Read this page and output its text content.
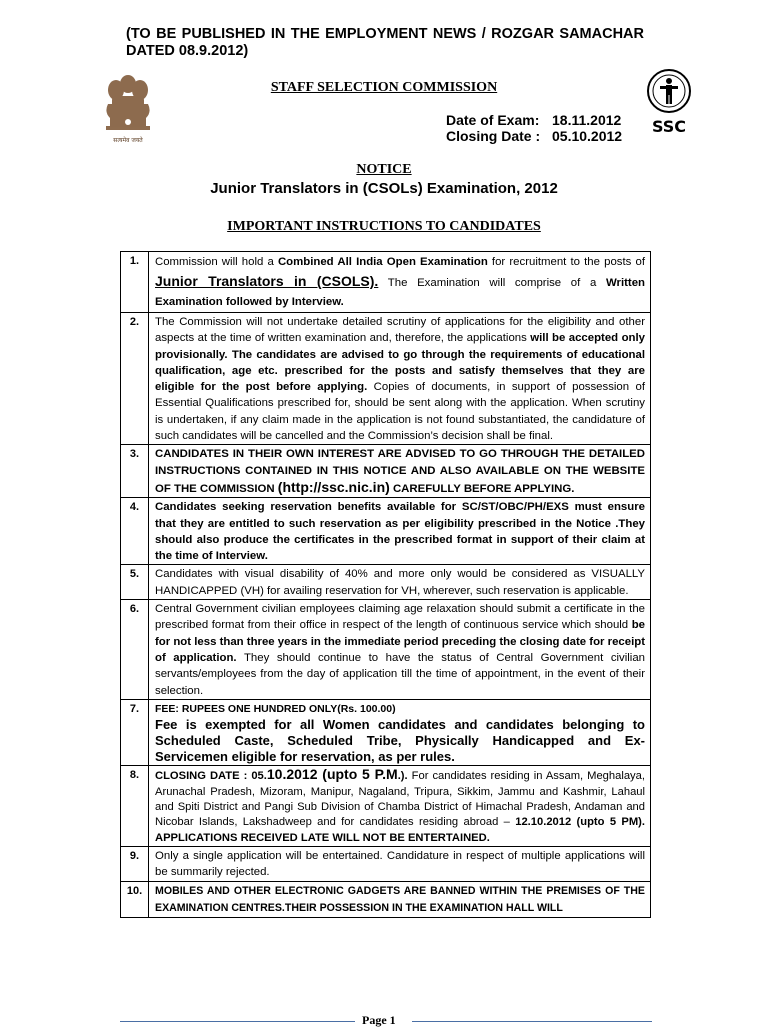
(TO BE PUBLISHED IN THE EMPLOYMENT NEWS / ROZGAR SAMACHAR DATED 08.9.2012)
सत्यमेव जयते
STAFF SELECTION COMMISSION
SSC
Date of Exam: 18.11.2012
Closing Date : 05.10.2012
NOTICE
Junior Translators in (CSOLs) Examination, 2012
IMPORTANT INSTRUCTIONS TO CANDIDATES
1.	Commission will hold a Combined All India Open Examination for recruitment to the posts of Junior Translators in (CSOLS). The Examination will comprise of a Written Examination followed by Interview.
2.	The Commission will not undertake detailed scrutiny of applications for the eligibility and other aspects at the time of written examination and, therefore, the applications will be accepted only provisionally. The candidates are advised to go through the requirements of educational qualification, age etc. prescribed for the posts and satisfy themselves that they are eligible for the post before applying. Copies of documents, in support of possession of Essential Qualifications prescribed for, should be sent along with the application. When scrutiny is undertaken, if any claim made in the application is not found substantiated, the candidature of such candidates will be cancelled and the Commission’s decision shall be final.
3.	CANDIDATES IN THEIR OWN INTEREST ARE ADVISED TO GO THROUGH THE DETAILED INSTRUCTIONS CONTAINED IN THIS NOTICE AND ALSO AVAILABLE ON THE WEBSITE OF THE COMMISSION (http://ssc.nic.in) CAREFULLY BEFORE APPLYING.
4.	Candidates seeking reservation benefits available for SC/ST/OBC/PH/EXS must ensure that they are entitled to such reservation as per eligibility prescribed in the Notice .They should also produce the certificates in the prescribed format in support of their claim at the time of Interview.
5.	Candidates with visual disability of 40% and more only would be considered as VISUALLY HANDICAPPED (VH) for availing reservation for VH, wherever, such reservation is applicable.
6.	Central Government civilian employees claiming age relaxation should submit a certificate in the prescribed format from their office in respect of the length of continuous service which should be for not less than three years in the immediate period preceding the closing date for receipt of application. They should continue to have the status of Central Government civilian servants/employees from the day of application till the time of appointment, in the event of their selection.
7.	FEE: RUPEES ONE HUNDRED ONLY(Rs. 100.00)
Fee is exempted for all Women candidates and candidates belonging to Scheduled Caste, Scheduled Tribe, Physically Handicapped and Ex-Servicemen eligible for reservation, as per rules.

8.	CLOSING DATE : 05.10.2012 (upto 5 P.M.). For candidates residing in Assam, Meghalaya, Arunachal Pradesh, Mizoram, Manipur, Nagaland, Tripura, Sikkim, Jammu and Kashmir, Lahaul and Spiti District and Pangi Sub Division of Chamba District of Himachal Pradesh, Andaman and Nicobar Islands, Lakshadweep and for candidates residing abroad – 12.10.2012 (upto 5 PM). APPLICATIONS RECEIVED LATE WILL NOT BE ENTERTAINED.
9.	Only a single application will be entertained. Candidature in respect of multiple applications will be summarily rejected.
10.	MOBILES AND OTHER ELECTRONIC GADGETS ARE BANNED WITHIN THE PREMISES OF THE EXAMINATION CENTRES.THEIR POSSESSION IN THE EXAMINATION HALL WILL
Page 1
